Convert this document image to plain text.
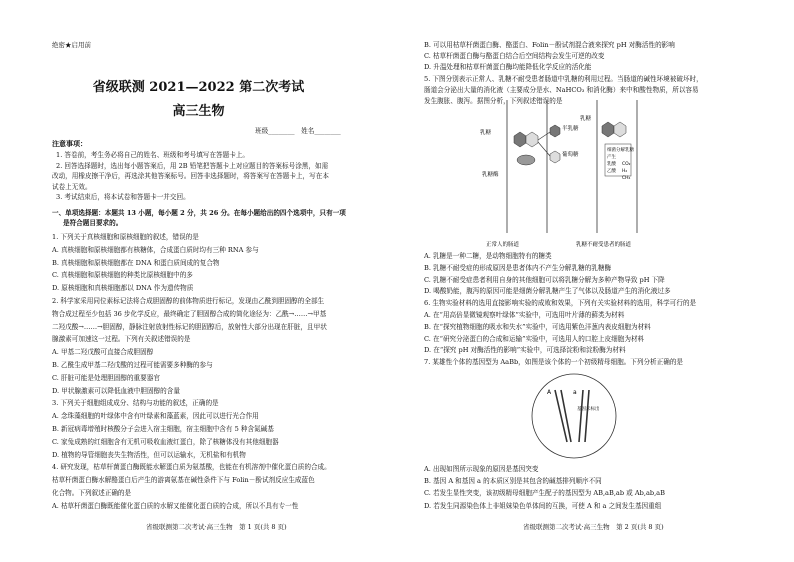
绝密★启用前
省级联测 2021—2022 第二次考试
高三生物
班级________　姓名________
注意事项：
1. 答卷前，考生务必将自己的姓名、班级和考号填写在答题卡上。
2. 回答选择题时，选出每小题答案后，用 2B 铅笔把答题卡上对应题目的答案标号涂黑，如需
改动，用橡皮擦干净后，再选涂其他答案标号。回答非选择题时，将答案写在答题卡上，写在本
试卷上无效。
3. 考试结束后，将本试卷和答题卡一并交回。
一、单项选择题：本题共 13 小题，每小题 2 分，共 26 分。在每小题给出的四个选项中，只有一项
是符合题目要求的。
1. 下列关于真核细胞和原核细胞的叙述，错误的是
A. 真核细胞和原核细胞都有核糖体，合成蛋白质时均有三种 RNA 参与
B. 真核细胞和原核细胞都在 DNA 和蛋白质间成的复合物
C. 真核细胞和原核细胞的种类比原核细胞中的多
D. 原核细胞和真核细胞都以 DNA 作为遗传物质
2. 科学家采用同位素标记法将合成胆固醇的前体物质进行标记，发现由乙酰到胆固醇的全部生
物合成过程至少包括 36 步化学反应，最终确定了胆固醇合成的简化途径为：乙酰→……→甲基
二羟戊酸→……→胆固醇，静脉注射放射性标记的胆固醇后，放射性大部分出现在肝脏，且甲状
腺激素可加速这一过程。下列有关叙述错误的是
A. 甲基二羟戊酸可直接合成胆固醇
B. 乙酰生成甲基二羟戊酸的过程可能需要多种酶的参与
C. 肝脏可能是处理胆固醇的重要器官
D. 甲状腺激素可以降低血液中胆固醇的含量
3. 下列关于细胞组成成分、结构与功能的叙述，正确的是
A. 念珠藻细胞的叶绿体中含有叶绿素和藻蓝素，因此可以进行光合作用
B. 新冠病毒增殖时核酸分子会进入宿主细胞，宿主细胞中含有 5 种含氮碱基
C. 家兔成熟的红细胞含有无机可吸收血液红蛋白，除了核糖体没有其他细胞器
D. 植物的导管细胞丧失生物活性，但可以运输水，无机盐和有机物
4. 研究发现，枯草杆菌蛋白酶既能水解蛋白质为氨基酸，也能在有机溶剂中催化蛋白质的合成。
枯草杆菌蛋白酶水解酪蛋白后产生的游离氨基在碱性条件下与 Folin－酚试剂反应生成蓝色
化合物。下列叙述正确的是
A. 枯草杆菌蛋白酶既能催化蛋白质的水解又能催化蛋白质的合成，所以不具有专一性
省级联测第二次考试·高三生物　第 1 页(共 8 页)
B. 可以用枯草杆菌蛋白酶、酪蛋白、Folin－酚试剂混合液来探究 pH 对酶活性的影响
C. 枯草杆菌蛋白酶与酪蛋白结合后空间结构会发生可逆的改变
D. 升温处理和枯草杆菌蛋白酶均能降低化学反应的活化能
5. 下图分别表示正常人、乳糖不耐受患者肠道中乳糖的利用过程。当肠道的碱性环境被破坏时，
肠道会分泌出大量的消化液（主要成分是水、NaHCO₃ 和消化酶）来中和酸性物质，所以容易
发生腹胀、腹泻。据图分析，下列叙述错误的是
半乳糖
葡萄糖
乳糖
乳糖酶
乳糖
细菌分解乳糖
产生
乳酸
乙酸
CO₂
H₂
CH₄
正常人的肠道	乳糖不耐受患者的肠道
A. 乳糖是一种二糖，是动物细胞特有的糖类
B. 乳糖不耐受症的形成原因是患者体内不产生分解乳糖的乳糖酶
C. 乳糖不耐受症患者利用自身的其他细胞可以将乳糖分解为多种产物导致 pH 下降
D. 喝酸奶能，腹泻的原因可能是细菌分解乳糖产生了气体以及肠道产生的消化液过多
6. 生物实验材料的选用直接影响实验的成败和效果，下列有关实验材料的选用，科学可行的是
A. 在“用高倍显微镜观察叶绿体”实验中，可选用叶片薄的藓类为材料
B. 在“探究植物细胞的吸水和失水”实验中，可选用紫色洋葱内表皮细胞为材料
C. 在“研究分泌蛋白的合成和运输”实验中，可选用人的口腔上皮细胞为材料
D. 在“探究 pH 对酶活性的影响”实验中，可选择淀粉和淀粉酶为材料
7. 某雄性个体的基因型为 AaBb，如图是该个体的一个初级精母细胞。下列分析正确的是
A	a
基因未标出
A. 出现如图所示现象的原因是基因突变
B. 基因 A 和基因 a 的本质区别是其包含的碱基排列顺序不同
C. 若发生显性突变，该初级精母细胞产生配子的基因型为 AB,aB,ab 或 Ab,ab,aB
D. 若发生同源染色体上非姐妹染色单体间的互换，可使 A 和 a 之间发生基因重组
省级联测第二次考试·高三生物　第 2 页(共 8 页)
